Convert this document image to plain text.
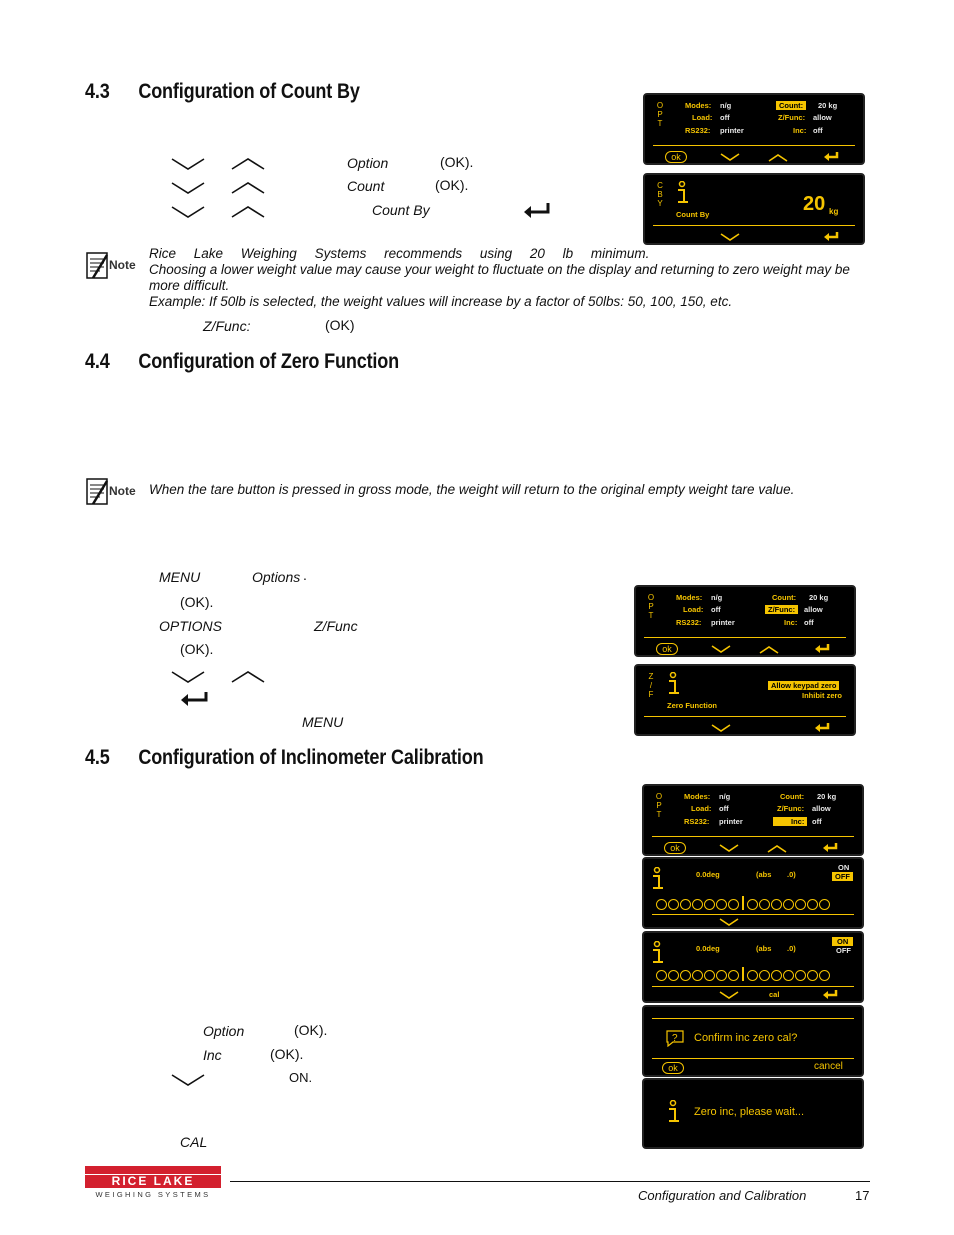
4.3 Configuration of Count By
Option	(OK).
Count	(OK).
Count By
Note
Rice Lake Weighing Systems recommends using 20 lb minimum.
Choosing a lower weight value may cause your weight to fluctuate on the display and returning to zero weight may be more difficult.
Example: If 50lb is selected, the weight values will increase by a factor of 50lbs: 50, 100, 150, etc.
Z/Func:	(OK)
O
P
T
Modes: n/g
Load: off
RS232: printer
Count:	20 kg
Z/Func: allow
Inc: off
ok
C
B
Y
Count By	20 kg
4.4 Configuration of Zero Function
Note When the tare button is pressed in gross mode, the weight will return to the original empty weight tare value.
MENU	Options .
(OK).
OPTIONS	Z/Func
(OK).
MENU
O
P
T
Modes: n/g
Load: off
RS232: printer
Count: 20 kg
Z/Func:	allow
Inc: off
ok
Z
/
F
Zero Function
Allow keypad zero
Inhibit zero
4.5 Configuration of Inclinometer Calibration
Option	(OK).
Inc	(OK).
ON.
CAL
O
P
T
Modes: n/g
Load: off
RS232: printer
Count: 20 kg
Z/Func: allow
Inc:	off
ok
0.0deg	(abs .0)
ON
OFF
0.0deg	(abs .0)
ON
OFF
cal
? Confirm inc zero cal?
ok	cancel
Zero inc, please wait...
RICE LAKE
WEIGHING SYSTEMS	Configuration and Calibration	17
